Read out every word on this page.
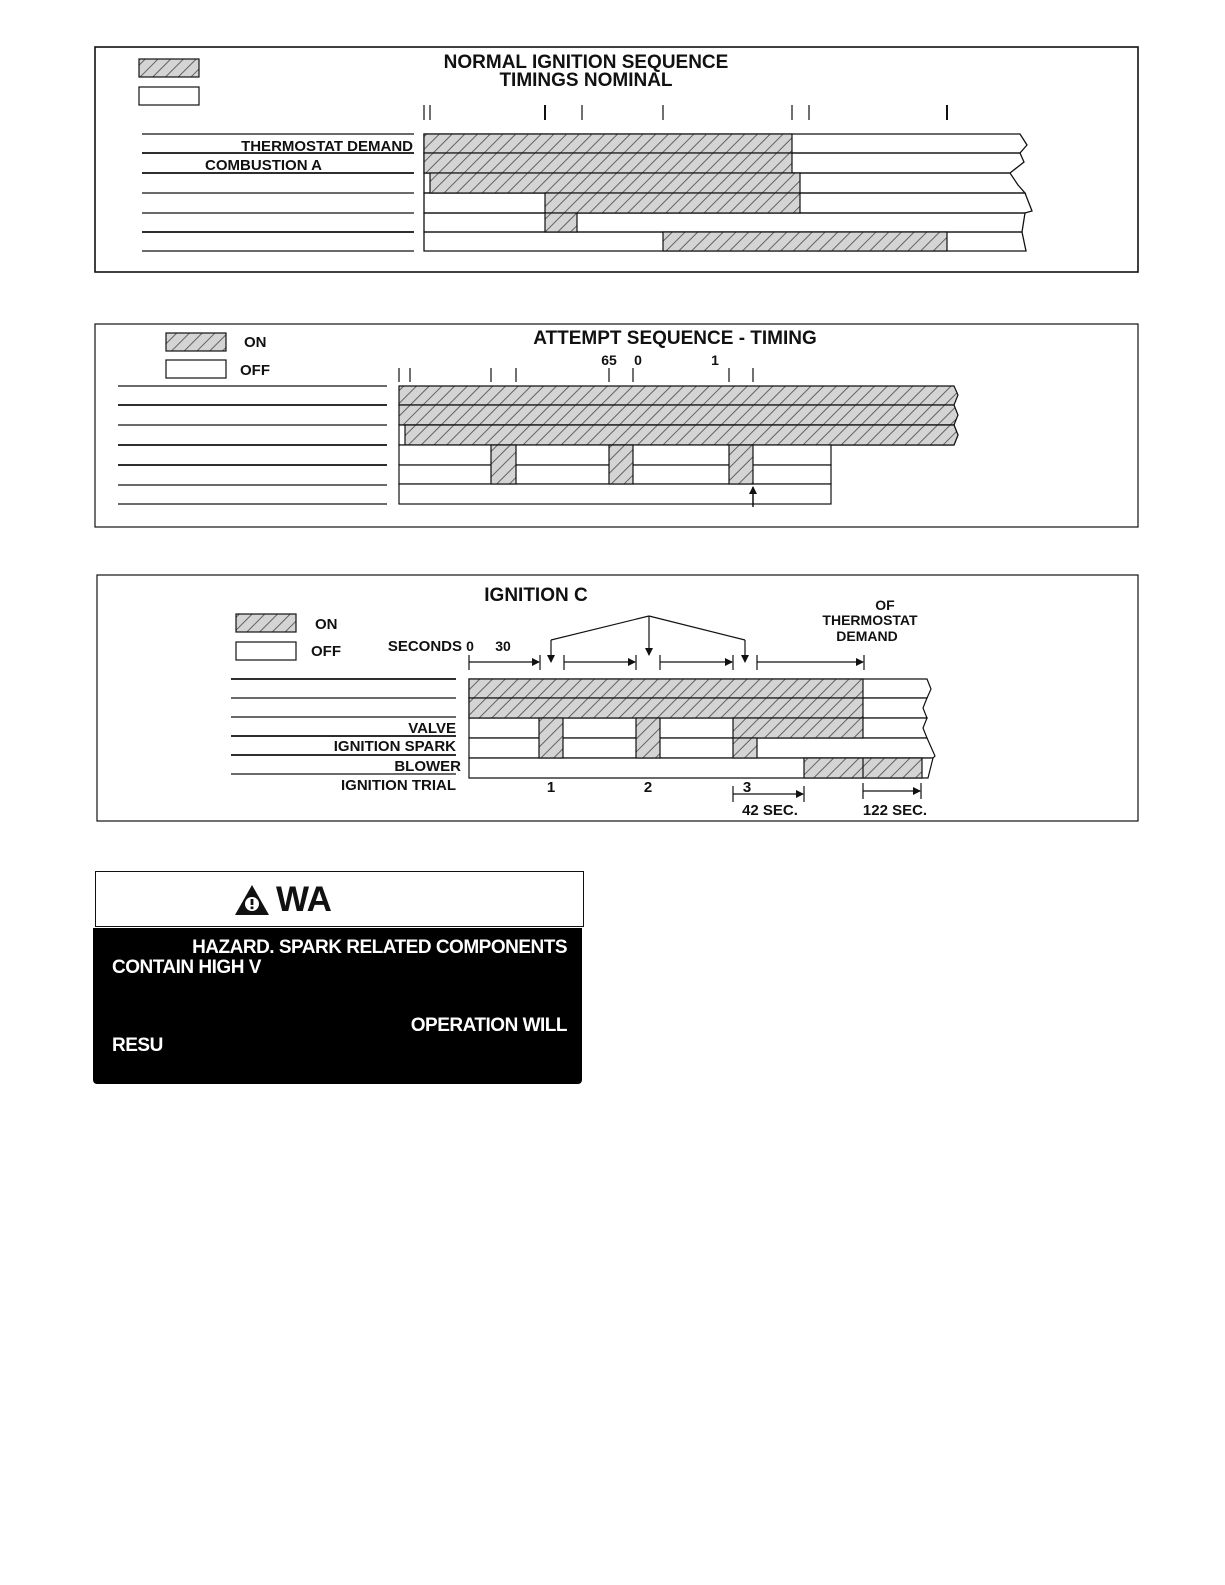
NORMAL IGNITION SEQUENCE
TIMINGS NOMINAL
THERMOSTAT DEMAND
COMBUSTION A
ON
OFF
ATTEMPT SEQUENCE - TIMING
65 0	1
IGNITION C
ON
OFF
OF
THERMOSTAT
DEMAND
SECONDS 0 30
VALVE
IGNITION SPARK
BLOWER
IGNITION TRIAL	1	2	3
42 SEC.	122 SEC.
WA
HAZARD. SPARK RELATED COMPONENTS
CONTAIN HIGH V
OPERATION WILL
RESU
